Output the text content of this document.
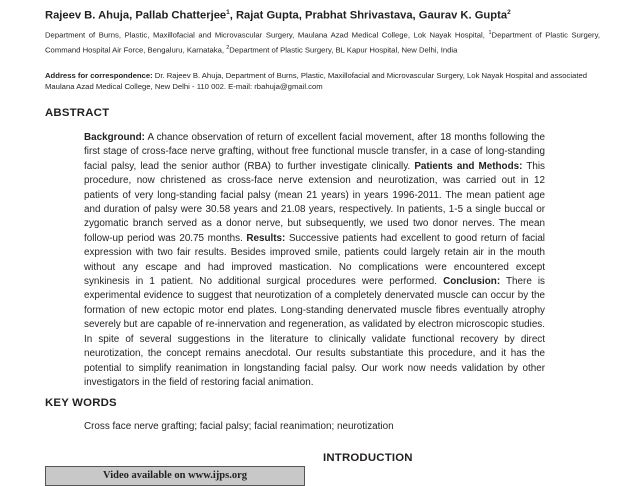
Rajeev B. Ahuja, Pallab Chatterjee$^1$, Rajat Gupta, Prabhat Shrivastava, Gaurav K. Gupta$^2$
Department of Burns, Plastic, Maxillofacial and Microvascular Surgery, Maulana Azad Medical College, Lok Nayak Hospital, $^1$Department of Plastic Surgery, Command Hospital Air Force, Bengaluru, Karnataka, $^2$Department of Plastic Surgery, BL Kapur Hospital, New Delhi, India
Address for correspondence: Dr. Rajeev B. Ahuja, Department of Burns, Plastic, Maxillofacial and Microvascular Surgery, Lok Nayak Hospital and associated Maulana Azad Medical College, New Delhi - 110 002. E-mail: rbahuja@gmail.com
ABSTRACT
Background: A chance observation of return of excellent facial movement, after 18 months following the first stage of cross-face nerve grafting, without free functional muscle transfer, in a case of long-standing facial palsy, lead the senior author (RBA) to further investigate clinically. Patients and Methods: This procedure, now christened as cross-face nerve extension and neurotization, was carried out in 12 patients of very long-standing facial palsy (mean 21 years) in years 1996-2011. The mean patient age and duration of palsy were 30.58 years and 21.08 years, respectively. In patients, 1-5 a single buccal or zygomatic branch served as a donor nerve, but subsequently, we used two donor nerves. The mean follow-up period was 20.75 months. Results: Successive patients had excellent to good return of facial expression with two fair results. Besides improved smile, patients could largely retain air in the mouth without any escape and had improved mastication. No complications were encountered except synkinesis in 1 patient. No additional surgical procedures were performed. Conclusion: There is experimental evidence to suggest that neurotization of a completely denervated muscle can occur by the formation of new ectopic motor end plates. Long-standing denervated muscle fibres eventually atrophy severely but are capable of re-innervation and regeneration, as validated by electron microscopic studies. In spite of several suggestions in the literature to clinically validate functional recovery by direct neurotization, the concept remains anecdotal. Our results substantiate this procedure, and it has the potential to simplify reanimation in longstanding facial palsy. Our work now needs validation by other investigators in the field of restoring facial animation.
KEY WORDS
Cross face nerve grafting; facial palsy; facial reanimation; neurotization
INTRODUCTION
Video available on www.ijps.org
